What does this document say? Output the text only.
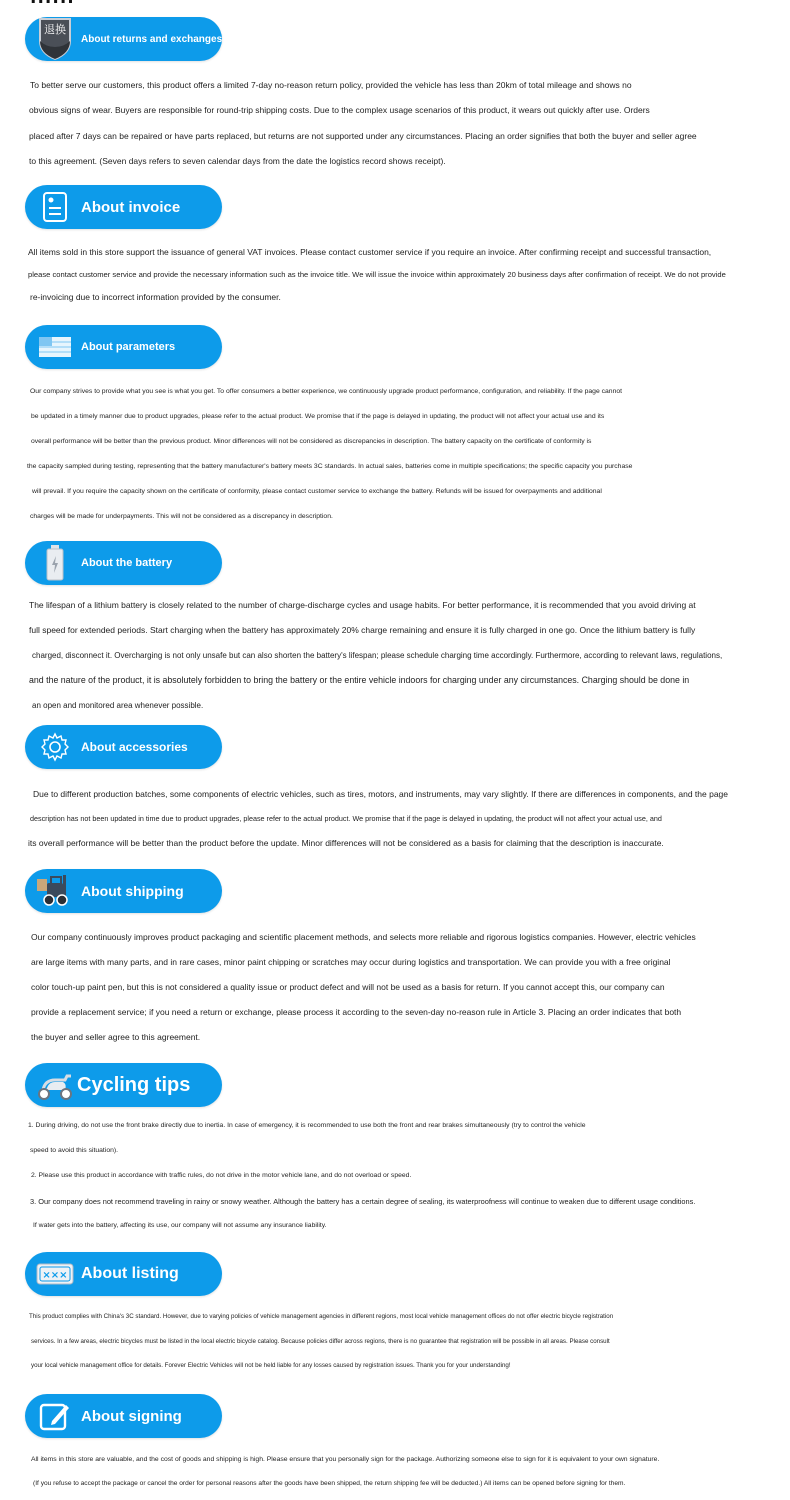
退换
About returns and exchanges

To better serve our customers, this product offers a limited 7-day no-reason return policy, provided the vehicle has less than 20km of total mileage and shows no

obvious signs of wear. Buyers are responsible for round-trip shipping costs. Due to the complex usage scenarios of this product, it wears out quickly after use. Orders

placed after 7 days can be repaired or have parts replaced, but returns are not supported under any circumstances. Placing an order signifies that both the buyer and seller agree

to this agreement. (Seven days refers to seven calendar days from the date the logistics record shows receipt).

About invoice

All items sold in this store support the issuance of general VAT invoices. Please contact customer service if you require an invoice. After confirming receipt and successful transaction,

please contact customer service and provide the necessary information such as the invoice title. We will issue the invoice within approximately 20 business days after confirmation of receipt. We do not provide

re-invoicing due to incorrect information provided by the consumer.

About parameters

Our company strives to provide what you see is what you get. To offer consumers a better experience, we continuously upgrade product performance, configuration, and reliability. If the page cannot

be updated in a timely manner due to product upgrades, please refer to the actual product. We promise that if the page is delayed in updating, the product will not affect your actual use and its

overall performance will be better than the previous product. Minor differences will not be considered as discrepancies in description. The battery capacity on the certificate of conformity is

the capacity sampled during testing, representing that the battery manufacturer's battery meets 3C standards. In actual sales, batteries come in multiple specifications; the specific capacity you purchase

will prevail. If you require the capacity shown on the certificate of conformity, please contact customer service to exchange the battery. Refunds will be issued for overpayments and additional

charges will be made for underpayments. This will not be considered as a discrepancy in description.

About the battery

The lifespan of a lithium battery is closely related to the number of charge-discharge cycles and usage habits. For better performance, it is recommended that you avoid driving at

full speed for extended periods. Start charging when the battery has approximately 20% charge remaining and ensure it is fully charged in one go. Once the lithium battery is fully

charged, disconnect it. Overcharging is not only unsafe but can also shorten the battery's lifespan; please schedule charging time accordingly. Furthermore, according to relevant laws, regulations,

and the nature of the product, it is absolutely forbidden to bring the battery or the entire vehicle indoors for charging under any circumstances. Charging should be done in

an open and monitored area whenever possible.

About accessories

Due to different production batches, some components of electric vehicles, such as tires, motors, and instruments, may vary slightly. If there are differences in components, and the page

description has not been updated in time due to product upgrades, please refer to the actual product. We promise that if the page is delayed in updating, the product will not affect your actual use, and

its overall performance will be better than the product before the update. Minor differences will not be considered as a basis for claiming that the description is inaccurate.

About shipping

Our company continuously improves product packaging and scientific placement methods, and selects more reliable and rigorous logistics companies. However, electric vehicles

are large items with many parts, and in rare cases, minor paint chipping or scratches may occur during logistics and transportation. We can provide you with a free original

color touch-up paint pen, but this is not considered a quality issue or product defect and will not be used as a basis for return. If you cannot accept this, our company can

provide a replacement service; if you need a return or exchange, please process it according to the seven-day no-reason rule in Article 3. Placing an order indicates that both

the buyer and seller agree to this agreement.

Cycling tips

1. During driving, do not use the front brake directly due to inertia. In case of emergency, it is recommended to use both the front and rear brakes simultaneously (try to control the vehicle

speed to avoid this situation).

2. Please use this product in accordance with traffic rules, do not drive in the motor vehicle lane, and do not overload or speed.

3. Our company does not recommend traveling in rainy or snowy weather. Although the battery has a certain degree of sealing, its waterproofness will continue to weaken due to different usage conditions.

If water gets into the battery, affecting its use, our company will not assume any insurance liability.

××× About listing

This product complies with China's 3C standard. However, due to varying policies of vehicle management agencies in different regions, most local vehicle management offices do not offer electric bicycle registration

services. In a few areas, electric bicycles must be listed in the local electric bicycle catalog. Because policies differ across regions, there is no guarantee that registration will be possible in all areas. Please consult

your local vehicle management office for details. Forever Electric Vehicles will not be held liable for any losses caused by registration issues. Thank you for your understanding!

About signing

All items in this store are valuable, and the cost of goods and shipping is high. Please ensure that you personally sign for the package. Authorizing someone else to sign for it is equivalent to your own signature.

(If you refuse to accept the package or cancel the order for personal reasons after the goods have been shipped, the return shipping fee will be deducted.) All items can be opened before signing for them.
